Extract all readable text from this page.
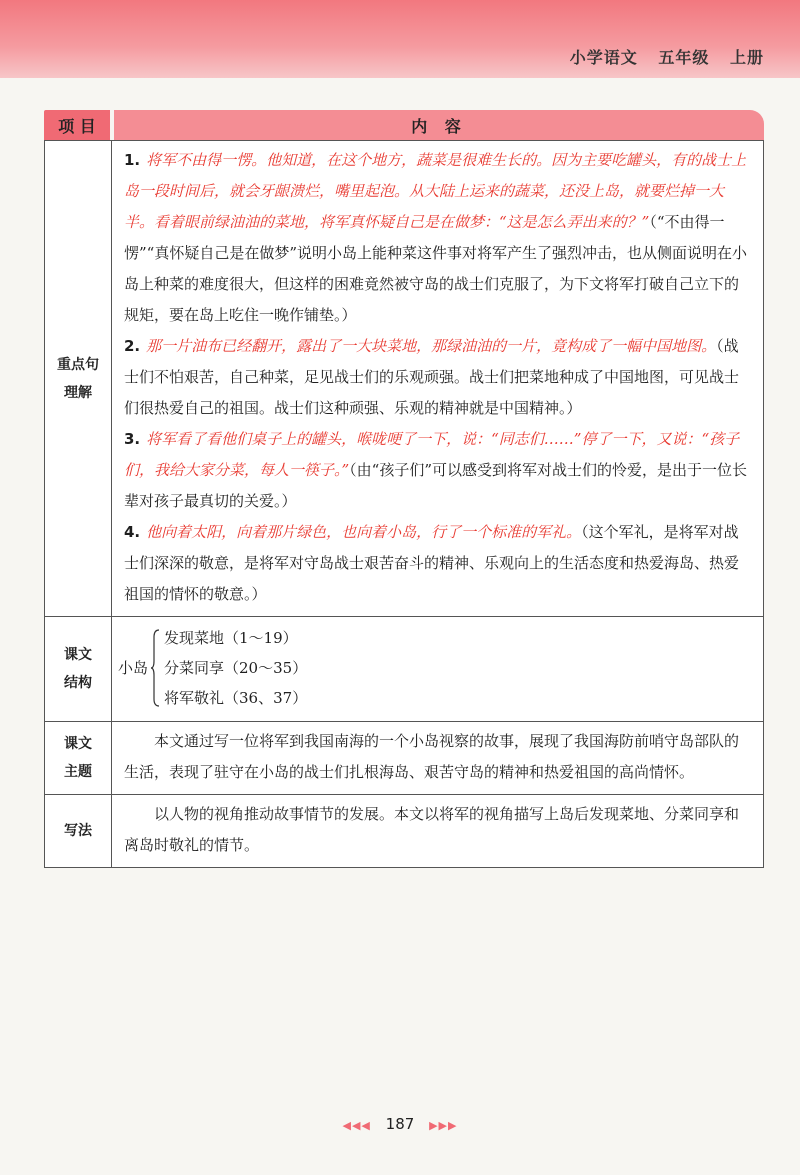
小学语文 五年级 上册
项 目	内 容
重点句
理解

1. 将军不由得一愣。他知道，在这个地方，蔬菜是很难生长的。因为主要吃罐头，有的战士上岛一段时间后，就会牙龈溃烂，嘴里起泡。从大陆上运来的蔬菜，还没上岛，就要烂掉一大半。看着眼前绿油油的菜地，将军真怀疑自己是在做梦：“这是怎么弄出来的？”（“不由得一愣”“真怀疑自己是在做梦”说明小岛上能种菜这件事对将军产生了强烈冲击，也从侧面说明在小岛上种菜的难度很大，但这样的困难竟然被守岛的战士们克服了，为下文将军打破自己立下的规矩，要在岛上吃住一晚作铺垫。）

2. 那一片油布已经翻开，露出了一大块菜地，那绿油油的一片，竟构成了一幅中国地图。（战士们不怕艰苦，自己种菜，足见战士们的乐观顽强。战士们把菜地种成了中国地图，可见战士们很热爱自己的祖国。战士们这种顽强、乐观的精神就是中国精神。）

3. 将军看了看他们桌子上的罐头，喉咙哽了一下，说：“同志们……”停了一下，又说：“孩子们，我给大家分菜，每人一筷子。”（由“孩子们”可以感受到将军对战士们的怜爱，是出于一位长辈对孩子最真切的关爱。）

4. 他向着太阳，向着那片绿色，也向着小岛，行了一个标准的军礼。（这个军礼，是将军对战士们深深的敬意，是将军对守岛战士艰苦奋斗的精神、乐观向上的生活态度和热爱海岛、热爱祖国的情怀的敬意。）

课文
结构
小岛
发现菜地（1～19）
分菜同享（20～35）
将军敬礼（36、37）
课文
主题

本文通过写一位将军到我国南海的一个小岛视察的故事，展现了我国海防前哨守岛部队的生活，表现了驻守在小岛的战士们扎根海岛、艰苦守岛的精神和热爱祖国的高尚情怀。

写法

以人物的视角推动故事情节的发展。本文以将军的视角描写上岛后发现菜地、分菜同享和离岛时敬礼的情节。

◀◀◀ 187 ▶▶▶
